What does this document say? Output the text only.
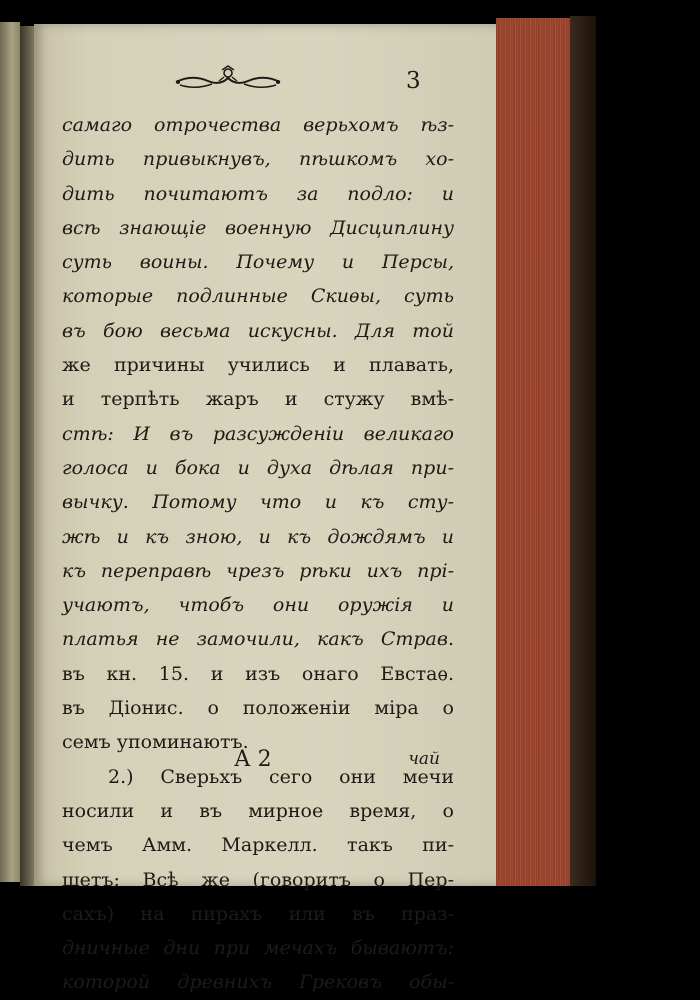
3
самаго отрочества верьхомъ ѣз-
дить привыкнувъ, пѣшкомъ хо-
дить почитаютъ за подло: и
всѣ знающіе военную Дисциплину
суть воины. Почему и Персы,
которые подлинные Скиѳы, суть
въ бою весьма искусны. Для той
же причины учились и плавать,
и терпѣть жаръ и стужу вмѣ-
стѣ: И въ разсужденіи великаго
голоса и бока и духа дѣлая при-
вычку. Потому что и къ сту-
жѣ и къ зною, и къ дождямъ и
къ переправѣ чрезъ рѣки ихъ прі-
учаютъ, чтобъ они оружія и
платья не замочили, какъ Страв.
въ кн. 15. и изъ онаго Евстаѳ.
въ Діонис. о положеніи міра о
семъ упоминаютъ.
2.) Сверьхъ сего они мечи
носили и въ мирное время, о
чемъ Амм. Маркелл. такъ пи-
шетъ: Всѣ же (говоритъ о Пер-
сахъ) на пирахъ или въ праз-
дничные дни при мечахъ бываютъ:
которой древнихъ Грековъ обы-
А 2	чай
